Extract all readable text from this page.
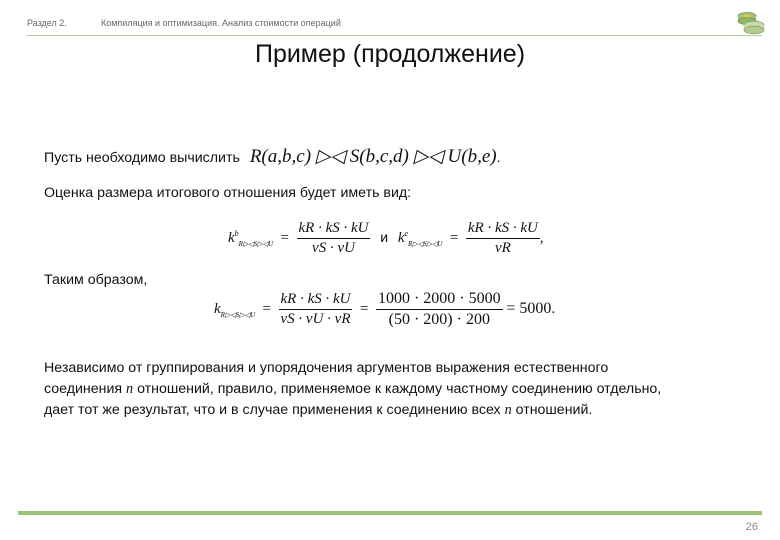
Раздел 2.	Компиляция и оптимизация. Анализ стоимости операций
Пример (продолжение)
Пусть необходимо вычислить R(a,b,c) ▷◁ S(b,c,d) ▷◁ U(b,e).
Оценка размера итогового отношения будет иметь вид:
$k^b_{R▷◁S▷◁U} = \frac{kR \cdot kS \cdot kU}{vS \cdot vU}$ и $k^e_{R▷◁S▷◁U} = \frac{kR \cdot kS \cdot kU}{vR}$ ,
Таким образом,
$k_{R▷◁S▷◁U} = \frac{kR \cdot kS \cdot kU}{vS \cdot vU \cdot vR} = \frac{1000 \cdot 2000 \cdot 5000}{(50 \cdot 200) \cdot 200} = 5000$.
Независимо от группирования и упорядочения аргументов выражения естественного
соединения n отношений, правило, применяемое к каждому частному соединению отдельно,
дает тот же результат, что и в случае применения к соединению всех n отношений.
26
